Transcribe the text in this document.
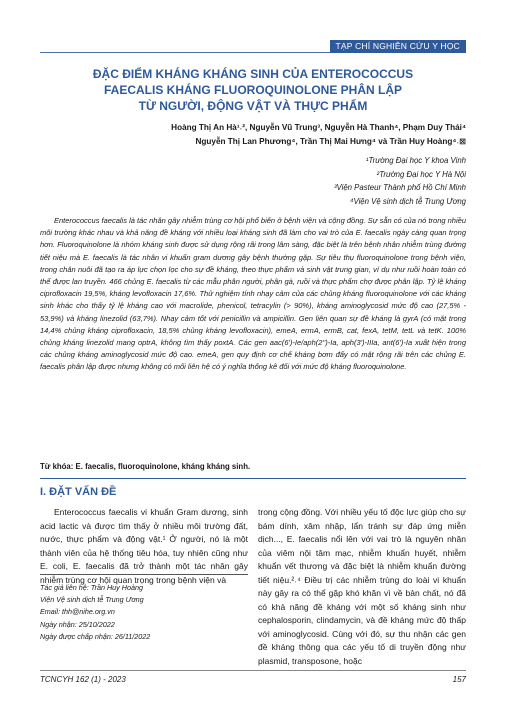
TẠP CHÍ NGHIÊN CỨU Y HỌC
ĐẶC ĐIỂM KHÁNG KHÁNG SINH CỦA ENTEROCOCCUS
FAECALIS KHÁNG FLUOROQUINOLONE PHÂN LẬP
TỪ NGƯỜI, ĐỘNG VẬT VÀ THỰC PHẨM
Hoàng Thị An Hà¹˒², Nguyễn Vũ Trung³, Nguyễn Hà Thanh⁴, Phạm Duy Thái⁴
Nguyễn Thị Lan Phương⁴, Trần Thị Mai Hưng⁴ và Trần Huy Hoàng⁴˒⊠
¹Trường Đại học Y khoa Vinh
²Trường Đại học Y Hà Nội
³Viện Pasteur Thành phố Hồ Chí Minh
⁴Viện Vệ sinh dịch tễ Trung Ương

Enterococcus faecalis là tác nhân gây nhiễm trùng cơ hội phổ biến ở bệnh viện và cộng đồng. Sự sẵn có của nó trong nhiều môi trường khác nhau và khả năng đề kháng với nhiều loại kháng sinh đã làm cho vai trò của E. faecalis ngày càng quan trọng hơn. Fluoroquinolone là nhóm kháng sinh được sử dụng rộng rãi trong lâm sàng, đặc biệt là trên bệnh nhân nhiễm trùng đường tiết niệu mà E. faecalis là tác nhân vi khuẩn gram dương gây bệnh thường gặp. Sự tiêu thụ fluoroquinolone trong bệnh viện, trong chăn nuôi đã tạo ra áp lực chọn lọc cho sự đề kháng, theo thực phẩm và sinh vật trung gian, ví dụ như ruồi hoàn toàn có thể được lan truyền. 466 chủng E. faecalis từ các mẫu phân người, phân gà, ruồi và thực phẩm chợ được phân lập. Tỷ lệ kháng ciprofloxacin 19,5%, kháng levofloxacin 17,6%. Thử nghiệm tính nhạy cảm của các chủng kháng fluoroquinolone với các kháng sinh khác cho thấy tỷ lệ kháng cao với macrolide, phenicol, tetracylin (> 90%), kháng aminoglycosid mức độ cao (27,5% - 53,9%) và kháng linezolid (63,7%). Nhạy cảm tốt với penicillin và ampicillin. Gen liên quan sự đề kháng là gyrA (có mặt trong 14,4% chủng kháng ciprofloxacin, 18,5% chủng kháng levofloxacin), emeA, ermA, ermB, cat, fexA, tetM, tetL và tetK. 100% chủng kháng linezolid mang optrA, không tìm thấy poxtA. Các gen aac(6')-Ie/aph(2'')-Ia, aph(3')-IIIa, ant(6')-Ia xuất hiện trong các chủng kháng aminoglycosid mức độ cao. emeA, gen quy định cơ chế kháng bơm đẩy có mặt rộng rãi trên các chủng E. faecalis phân lập được nhưng không có mối liên hệ có ý nghĩa thống kê đối với mức độ kháng fluoroquinolone.

Từ khóa: E. faecalis, fluoroquinolone, kháng kháng sinh.
I. ĐẶT VẤN ĐỀ

Enterococcus faecalis vi khuẩn Gram dương, sinh acid lactic và được tìm thấy ở nhiều môi trường đất, nước, thực phẩm và động vật.¹ Ở người, nó là một thành viên của hệ thống tiêu hóa, tuy nhiên cũng như E. coli, E. faecalis đã trở thành một tác nhân gây nhiễm trùng cơ hội quan trọng trong bệnh viện và

trong cộng đồng. Với nhiều yếu tố độc lực giúp cho sự bám dính, xâm nhập, lẩn tránh sự đáp ứng miễn dịch..., E. faecalis nổi lên với vai trò là nguyên nhân của viêm nội tâm mạc, nhiễm khuẩn huyết, nhiễm khuẩn vết thương và đặc biệt là nhiễm khuẩn đường tiết niệu.²˒⁴ Điều trị các nhiễm trùng do loài vi khuẩn này gây ra có thể gặp khó khăn vì về bản chất, nó đã có khả năng đề kháng với một số kháng sinh như cephalosporin, clindamycin, và đề kháng mức độ thấp với aminoglycosid. Cùng với đó, sự thu nhận các gen đề kháng thông qua các yếu tố di truyền động như plasmid, transposone, hoặc

Tác giả liên hệ: Trần Huy Hoàng
Viện Vệ sinh dịch tễ Trung Ương
Email: thh@nihe.org.vn
Ngày nhận: 25/10/2022
Ngày được chấp nhận: 26/11/2022
TCNCYH 162 (1) - 2023	157
